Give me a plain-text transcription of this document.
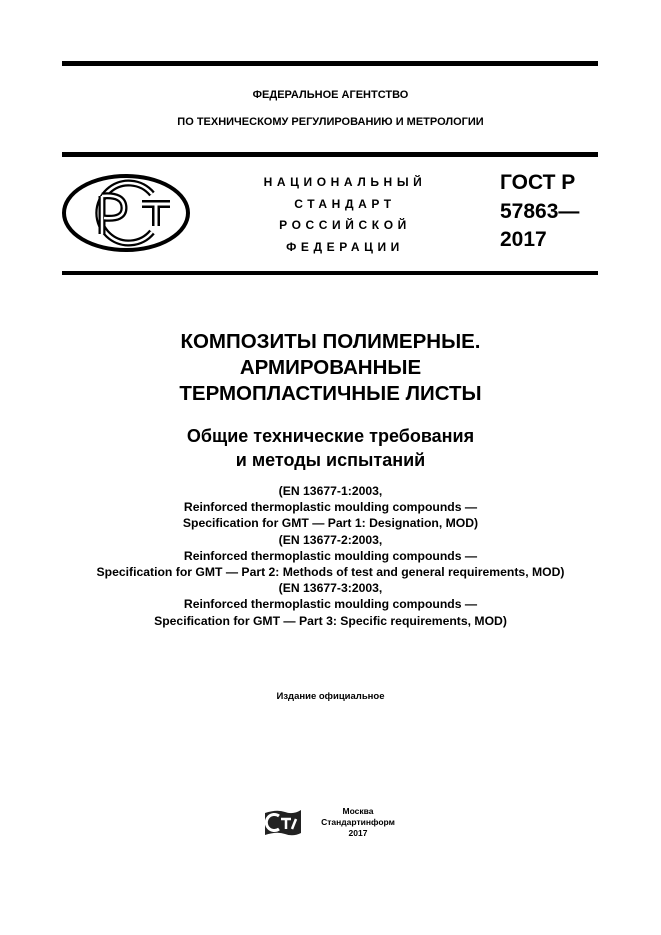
ФЕДЕРАЛЬНОЕ АГЕНТСТВО
ПО ТЕХНИЧЕСКОМУ РЕГУЛИРОВАНИЮ И МЕТРОЛОГИИ
НАЦИОНАЛЬНЫЙ
СТАНДАРТ
РОССИЙСКОЙ
ФЕДЕРАЦИИ
ГОСТ Р
57863—
2017
КОМПОЗИТЫ ПОЛИМЕРНЫЕ.
АРМИРОВАННЫЕ
ТЕРМОПЛАСТИЧНЫЕ ЛИСТЫ
Общие технические требования
и методы испытаний
(EN 13677-1:2003,
Reinforced thermoplastic moulding compounds —
Specification for GMT — Part 1: Designation, MOD)
(EN 13677-2:2003,
Reinforced thermoplastic moulding compounds —
Specification for GMT — Part 2: Methods of test and general requirements, MOD)
(EN 13677-3:2003,
Reinforced thermoplastic moulding compounds —
Specification for GMT — Part 3: Specific requirements, MOD)
Издание официальное
Москва
Стандартинформ
2017
